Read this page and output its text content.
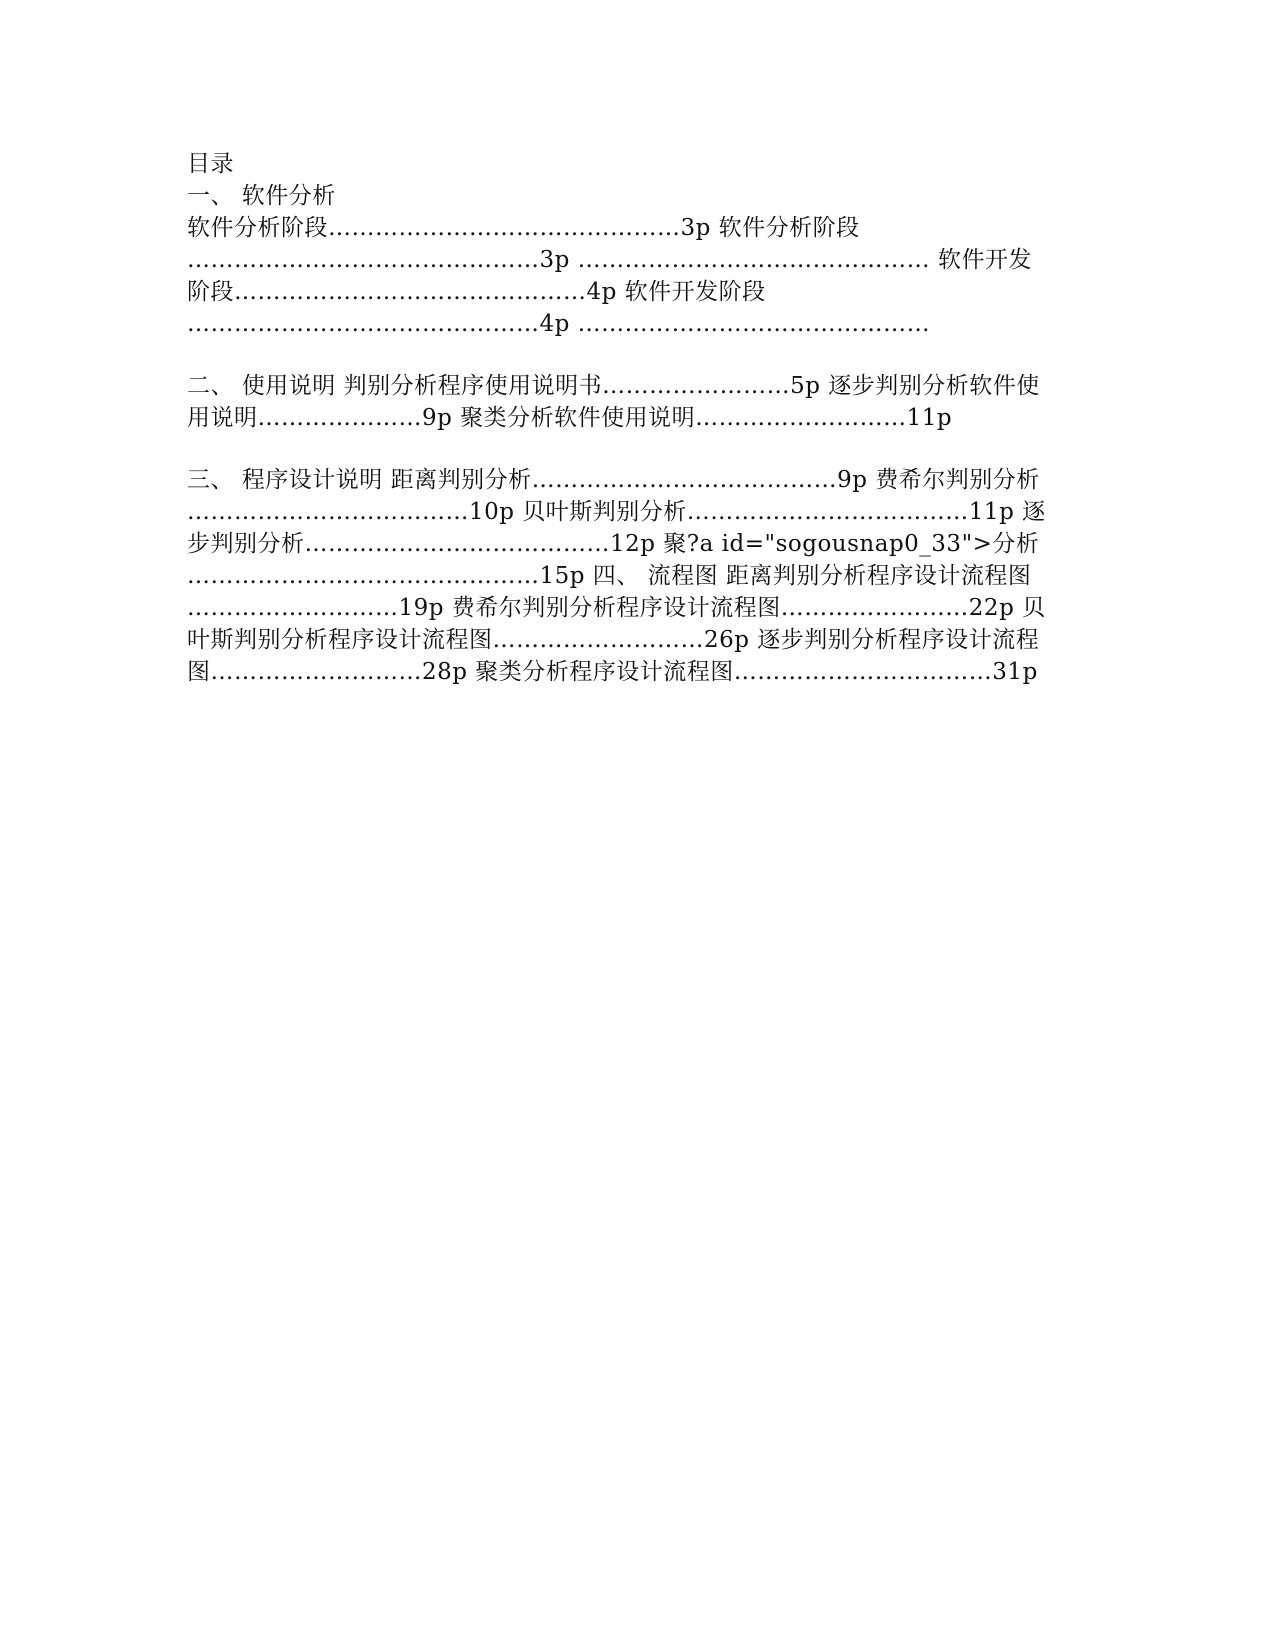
目录
一、 软件分析
软件分析阶段………………………………………3p 软件分析阶段
………………………………………3p ……………………………………… 软件开发
阶段………………………………………4p 软件开发阶段
………………………………………4p ………………………………………
二、 使用说明 判别分析程序使用说明书……………………5p 逐步判别分析软件使
用说明…………………9p 聚类分析软件使用说明………………………11p
三、 程序设计说明 距离判别分析…………………………………9p 费希尔判别分析
………………………………10p 贝叶斯判别分析………………………………11p 逐
步判别分析…………………………………12p 聚?a id="sogousnap0_33">分析
………………………………………15p 四、 流程图 距离判别分析程序设计流程图
………………………19p 费希尔判别分析程序设计流程图……………………22p 贝
叶斯判别分析程序设计流程图………………………26p 逐步判别分析程序设计流程
图………………………28p 聚类分析程序设计流程图……………………………31p
